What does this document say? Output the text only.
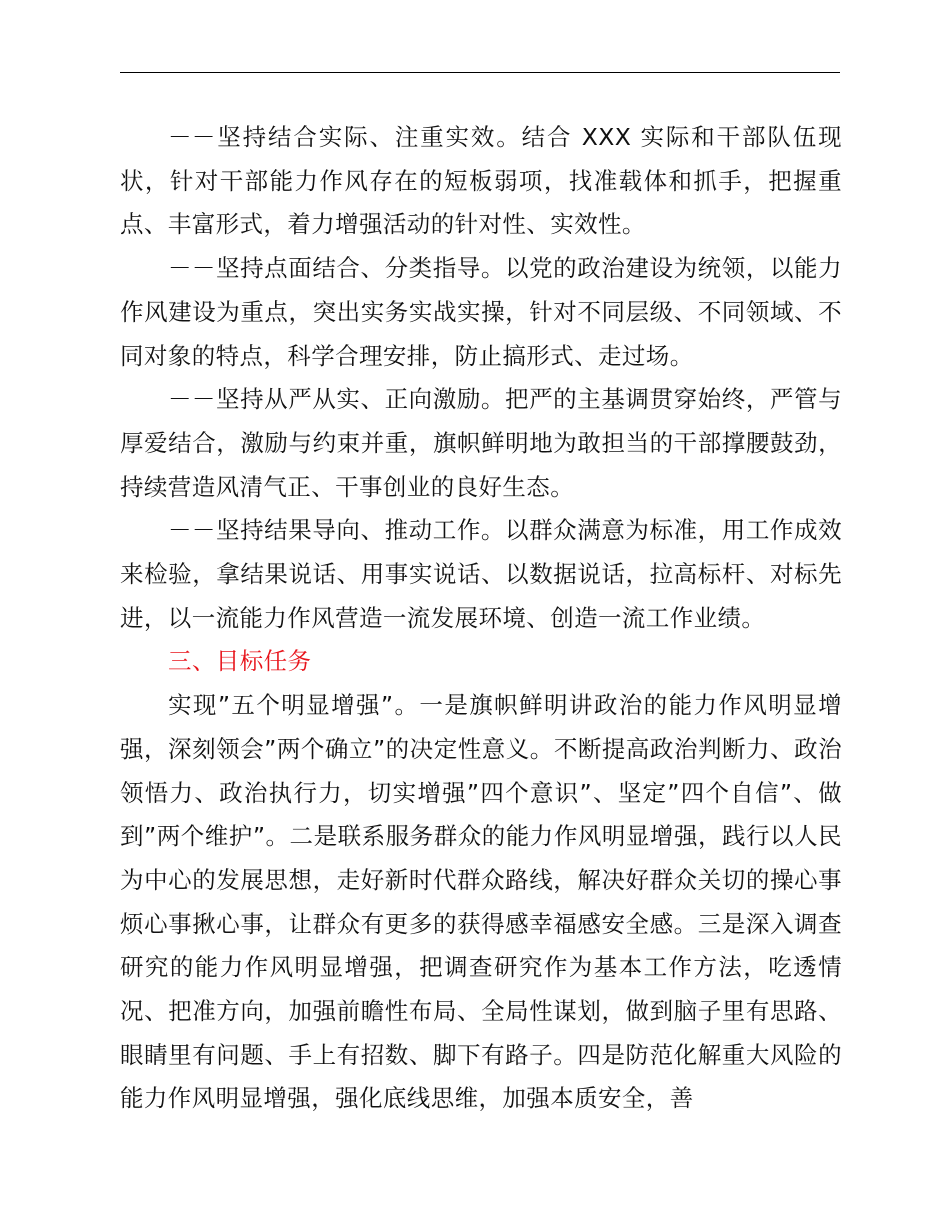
－－坚持结合实际、注重实效。结合 XXX 实际和干部队伍现状，针对干部能力作风存在的短板弱项，找准载体和抓手，把握重点、丰富形式，着力增强活动的针对性、实效性。

－－坚持点面结合、分类指导。以党的政治建设为统领，以能力作风建设为重点，突出实务实战实操，针对不同层级、不同领域、不同对象的特点，科学合理安排，防止搞形式、走过场。

－－坚持从严从实、正向激励。把严的主基调贯穿始终，严管与厚爱结合，激励与约束并重，旗帜鲜明地为敢担当的干部撑腰鼓劲，持续营造风清气正、干事创业的良好生态。

－－坚持结果导向、推动工作。以群众满意为标准，用工作成效来检验，拿结果说话、用事实说话、以数据说话，拉高标杆、对标先进，以一流能力作风营造一流发展环境、创造一流工作业绩。

三、目标任务

实现”五个明显增强”。一是旗帜鲜明讲政治的能力作风明显增强，深刻领会”两个确立”的决定性意义。不断提高政治判断力、政治领悟力、政治执行力，切实增强”四个意识”、坚定”四个自信”、做到”两个维护”。二是联系服务群众的能力作风明显增强，践行以人民为中心的发展思想，走好新时代群众路线，解决好群众关切的操心事烦心事揪心事，让群众有更多的获得感幸福感安全感。三是深入调查研究的能力作风明显增强，把调查研究作为基本工作方法，吃透情况、把准方向，加强前瞻性布局、全局性谋划，做到脑子里有思路、眼睛里有问题、手上有招数、脚下有路子。四是防范化解重大风险的能力作风明显增强，强化底线思维，加强本质安全，善
